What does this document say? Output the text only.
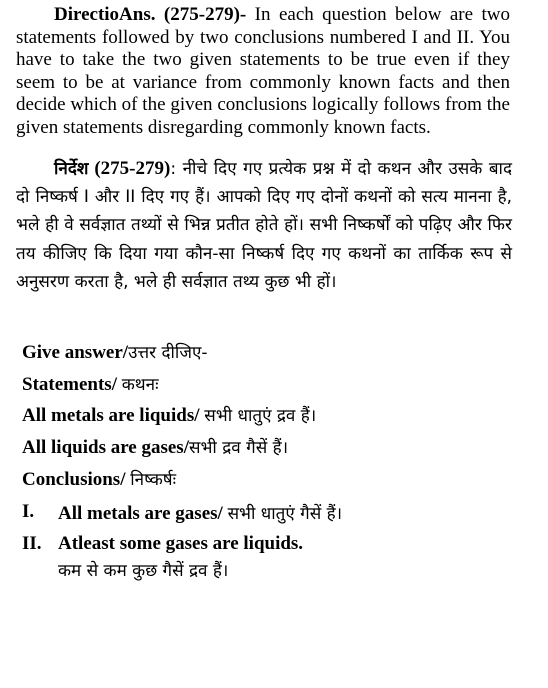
DirectioAns. (275-279)- In each question below are two statements followed by two conclusions numbered I and II. You have to take the two given statements to be true even if they seem to be at variance from commonly known facts and then decide which of the given conclusions logically follows from the given statements disregarding commonly known facts.

निर्देश (275-279): नीचे दिए गए प्रत्येक प्रश्न में दो कथन और उसके बाद दो निष्कर्ष I और II दिए गए हैं। आपको दिए गए दोनों कथनों को सत्य मानना है, भले ही वे सर्वज्ञात तथ्यों से भिन्न प्रतीत होते हों। सभी निष्कर्षों को पढ़िए और फिर तय कीजिए कि दिया गया कौन-सा निष्कर्ष दिए गए कथनों का तार्किक रूप से अनुसरण करता है, भले ही सर्वज्ञात तथ्य कुछ भी हों।

Give answer/उत्तर दीजिए-
Statements/ कथनः
All metals are liquids/ सभी धातुएं द्रव हैं।
All liquids are gases/सभी द्रव गैसें हैं।
Conclusions/ निष्कर्षः
I. All metals are gases/ सभी धातुएं गैसें हैं।
II. Atleast some gases are liquids.
कम से कम कुछ गैसें द्रव हैं।
